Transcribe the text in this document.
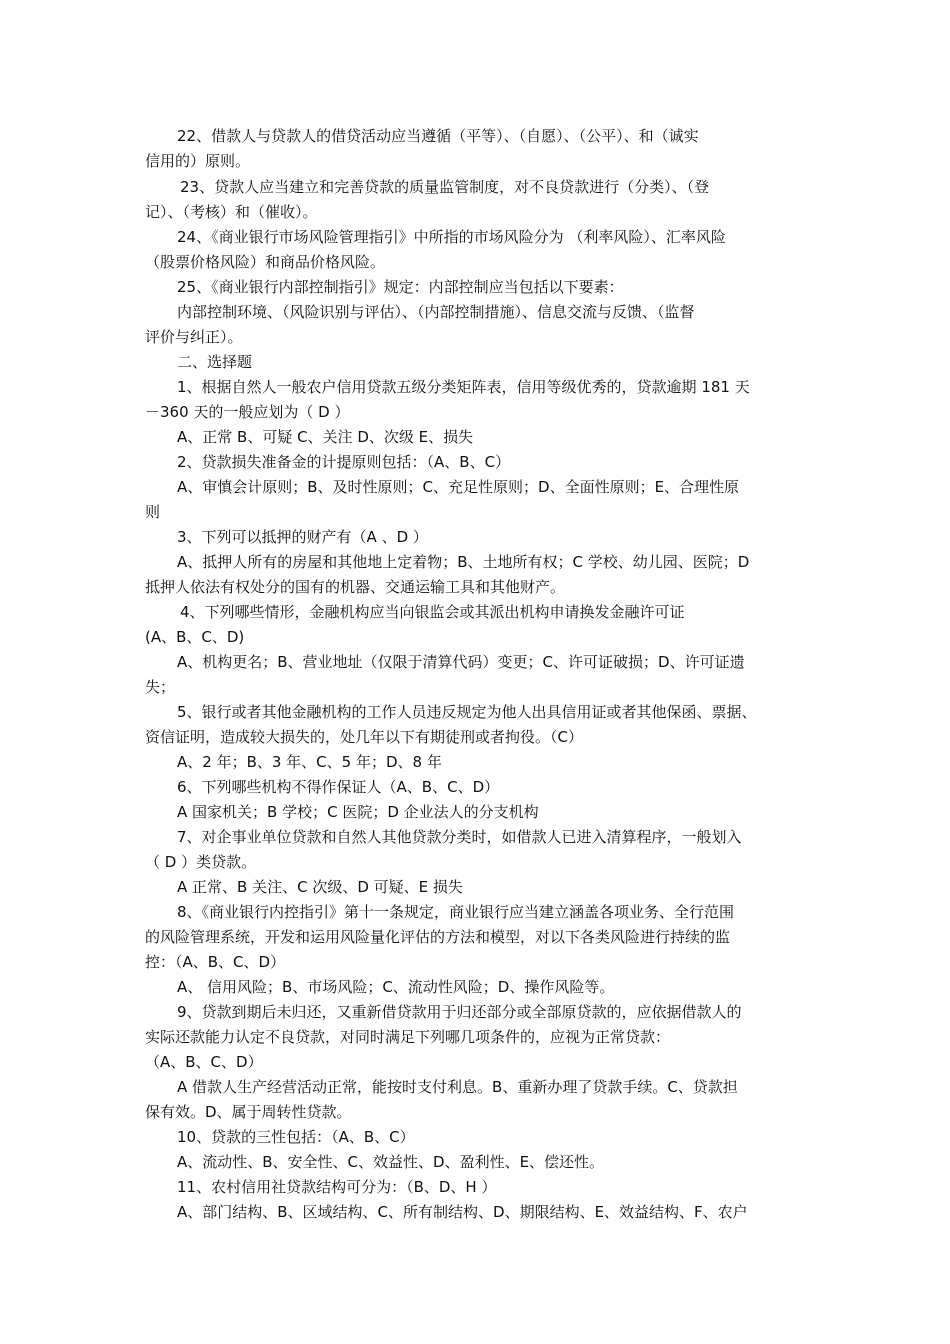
22、借款人与贷款人的借贷活动应当遵循（平等）、（自愿）、（公平）、和（诚实
信用的）原则。
23、贷款人应当建立和完善贷款的质量监管制度，对不良贷款进行（分类）、（登
记）、（考核）和（催收）。
24、《商业银行市场风险管理指引》中所指的市场风险分为 （利率风险）、汇率风险
（股票价格风险）和商品价格风险。
25、《商业银行内部控制指引》规定：内部控制应当包括以下要素：
内部控制环境、（风险识别与评估）、（内部控制措施）、信息交流与反馈、（监督
评价与纠正）。
二、选择题
1、根据自然人一般农户信用贷款五级分类矩阵表，信用等级优秀的，贷款逾期 181 天
－360 天的一般应划为（ D ）
A、正常 B、可疑 C、关注 D、次级 E、损失
2、贷款损失准备金的计提原则包括：（A、B、C）
A、审慎会计原则；B、及时性原则；C、充足性原则；D、全面性原则；E、合理性原
则
3、下列可以抵押的财产有（A 、D ）
A、抵押人所有的房屋和其他地上定着物；B、土地所有权；C 学校、幼儿园、医院；D
抵押人依法有权处分的国有的机器、交通运输工具和其他财产。
4、下列哪些情形，金融机构应当向银监会或其派出机构申请换发金融许可证
(A、B、C、D)
A、机构更名；B、营业地址（仅限于清算代码）变更；C、许可证破损；D、许可证遗
失；
5、银行或者其他金融机构的工作人员违反规定为他人出具信用证或者其他保函、票据、
资信证明，造成较大损失的，处几年以下有期徒刑或者拘役。（C）
A、2 年；B、3 年、C、5 年；D、8 年
6、下列哪些机构不得作保证人（A、B、C、D）
A 国家机关；B 学校；C 医院；D 企业法人的分支机构
7、对企事业单位贷款和自然人其他贷款分类时，如借款人已进入清算程序，一般划入
（ D ）类贷款。
A 正常、B 关注、C 次级、D 可疑、E 损失
8、《商业银行内控指引》第十一条规定，商业银行应当建立涵盖各项业务、全行范围
的风险管理系统，开发和运用风险量化评估的方法和模型，对以下各类风险进行持续的监
控：（A、B、C、D）
A、 信用风险；B、市场风险；C、流动性风险；D、操作风险等。
9、贷款到期后未归还，又重新借贷款用于归还部分或全部原贷款的，应依据借款人的
实际还款能力认定不良贷款，对同时满足下列哪几项条件的，应视为正常贷款：
（A、B、C、D）
A 借款人生产经营活动正常，能按时支付利息。B、重新办理了贷款手续。C、贷款担
保有效。D、属于周转性贷款。
10、贷款的三性包括：（A、B、C）
A、流动性、B、安全性、C、效益性、D、盈利性、E、偿还性。
11、农村信用社贷款结构可分为：（B、D、H ）
A、部门结构、B、区域结构、C、所有制结构、D、期限结构、E、效益结构、F、农户
